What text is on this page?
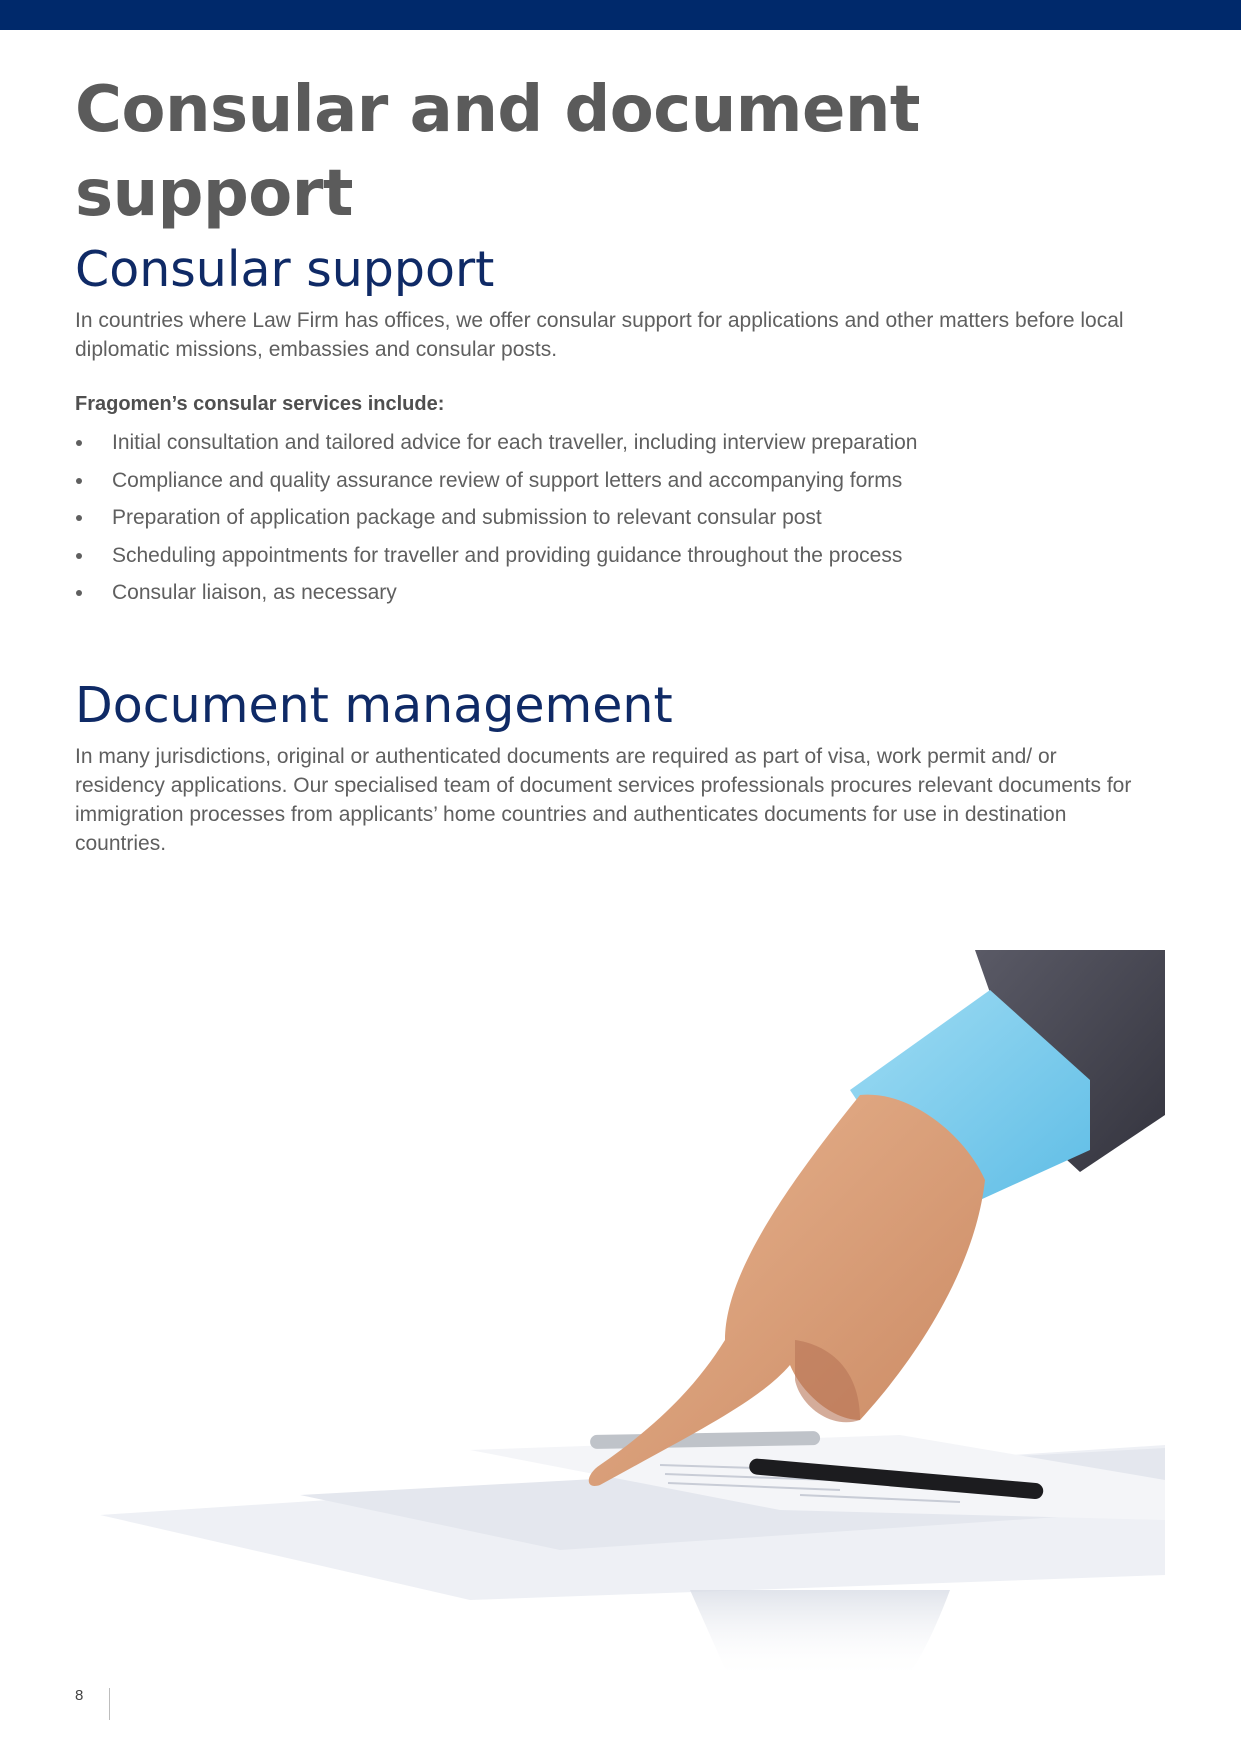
Consular and document support
Consular support

In countries where Law Firm has offices, we offer consular support for applications and other matters before local diplomatic missions, embassies and consular posts.

Fragomen’s consular services include:

Initial consultation and tailored advice for each traveller, including interview preparation
Compliance and quality assurance review of support letters and accompanying forms
Preparation of application package and submission to relevant consular post
Scheduling appointments for traveller and providing guidance throughout the process
Consular liaison, as necessary
Document management

In many jurisdictions, original or authenticated documents are required as part of visa, work permit and/ or residency applications. Our specialised team of document services professionals procures relevant documents for immigration processes from applicants’ home countries and authenticates documents for use in destination countries.

8
